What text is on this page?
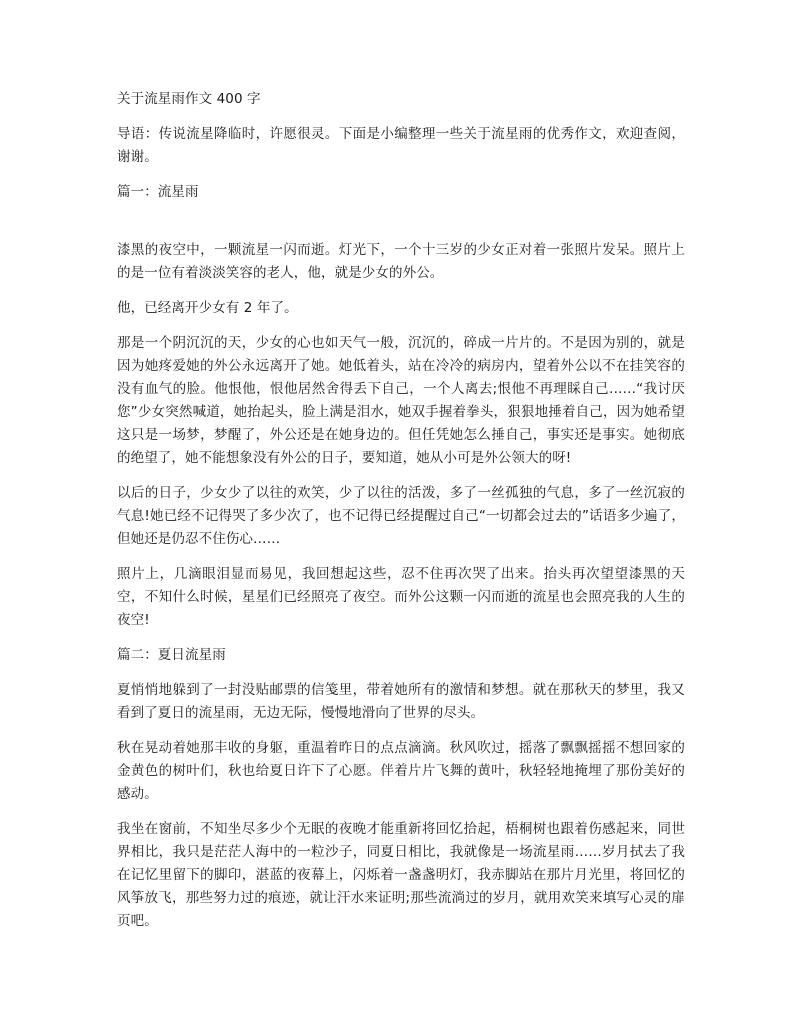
关于流星雨作文 400 字

导语：传说流星降临时，许愿很灵。下面是小编整理一些关于流星雨的优秀作文，欢迎查阅，谢谢。

篇一：流星雨

漆黑的夜空中，一颗流星一闪而逝。灯光下，一个十三岁的少女正对着一张照片发呆。照片上的是一位有着淡淡笑容的老人，他，就是少女的外公。

他，已经离开少女有 2 年了。

那是一个阴沉沉的天，少女的心也如天气一般，沉沉的，碎成一片片的。不是因为别的，就是因为她疼爱她的外公永远离开了她。她低着头，站在冷冷的病房内，望着外公以不在挂笑容的没有血气的脸。他恨他，恨他居然舍得丢下自己，一个人离去;恨他不再理睬自己……“我讨厌您”少女突然喊道，她抬起头，脸上满是泪水，她双手握着拳头，狠狠地捶着自己，因为她希望这只是一场梦，梦醒了，外公还是在她身边的。但任凭她怎么捶自己，事实还是事实。她彻底的绝望了，她不能想象没有外公的日子，要知道，她从小可是外公领大的呀!

以后的日子，少女少了以往的欢笑，少了以往的活泼，多了一丝孤独的气息，多了一丝沉寂的气息!她已经不记得哭了多少次了，也不记得已经提醒过自己“一切都会过去的”话语多少遍了，但她还是仍忍不住伤心……

照片上，几滴眼泪显而易见，我回想起这些，忍不住再次哭了出来。抬头再次望望漆黑的天空，不知什么时候，星星们已经照亮了夜空。而外公这颗一闪而逝的流星也会照亮我的人生的夜空!

篇二：夏日流星雨

夏悄悄地躲到了一封没贴邮票的信笺里，带着她所有的激情和梦想。就在那秋天的梦里，我又看到了夏日的流星雨，无边无际，慢慢地滑向了世界的尽头。

秋在晃动着她那丰收的身躯，重温着昨日的点点滴滴。秋风吹过，摇落了飘飘摇摇不想回家的金黄色的树叶们，秋也给夏日许下了心愿。伴着片片飞舞的黄叶，秋轻轻地掩埋了那份美好的感动。

我坐在窗前，不知坐尽多少个无眠的夜晚才能重新将回忆拾起，梧桐树也跟着伤感起来，同世界相比，我只是茫茫人海中的一粒沙子，同夏日相比，我就像是一场流星雨……岁月拭去了我在记忆里留下的脚印，湛蓝的夜幕上，闪烁着一盏盏明灯，我赤脚站在那片月光里，将回忆的风筝放飞，那些努力过的痕迹，就让汗水来证明;那些流淌过的岁月，就用欢笑来填写心灵的扉页吧。
